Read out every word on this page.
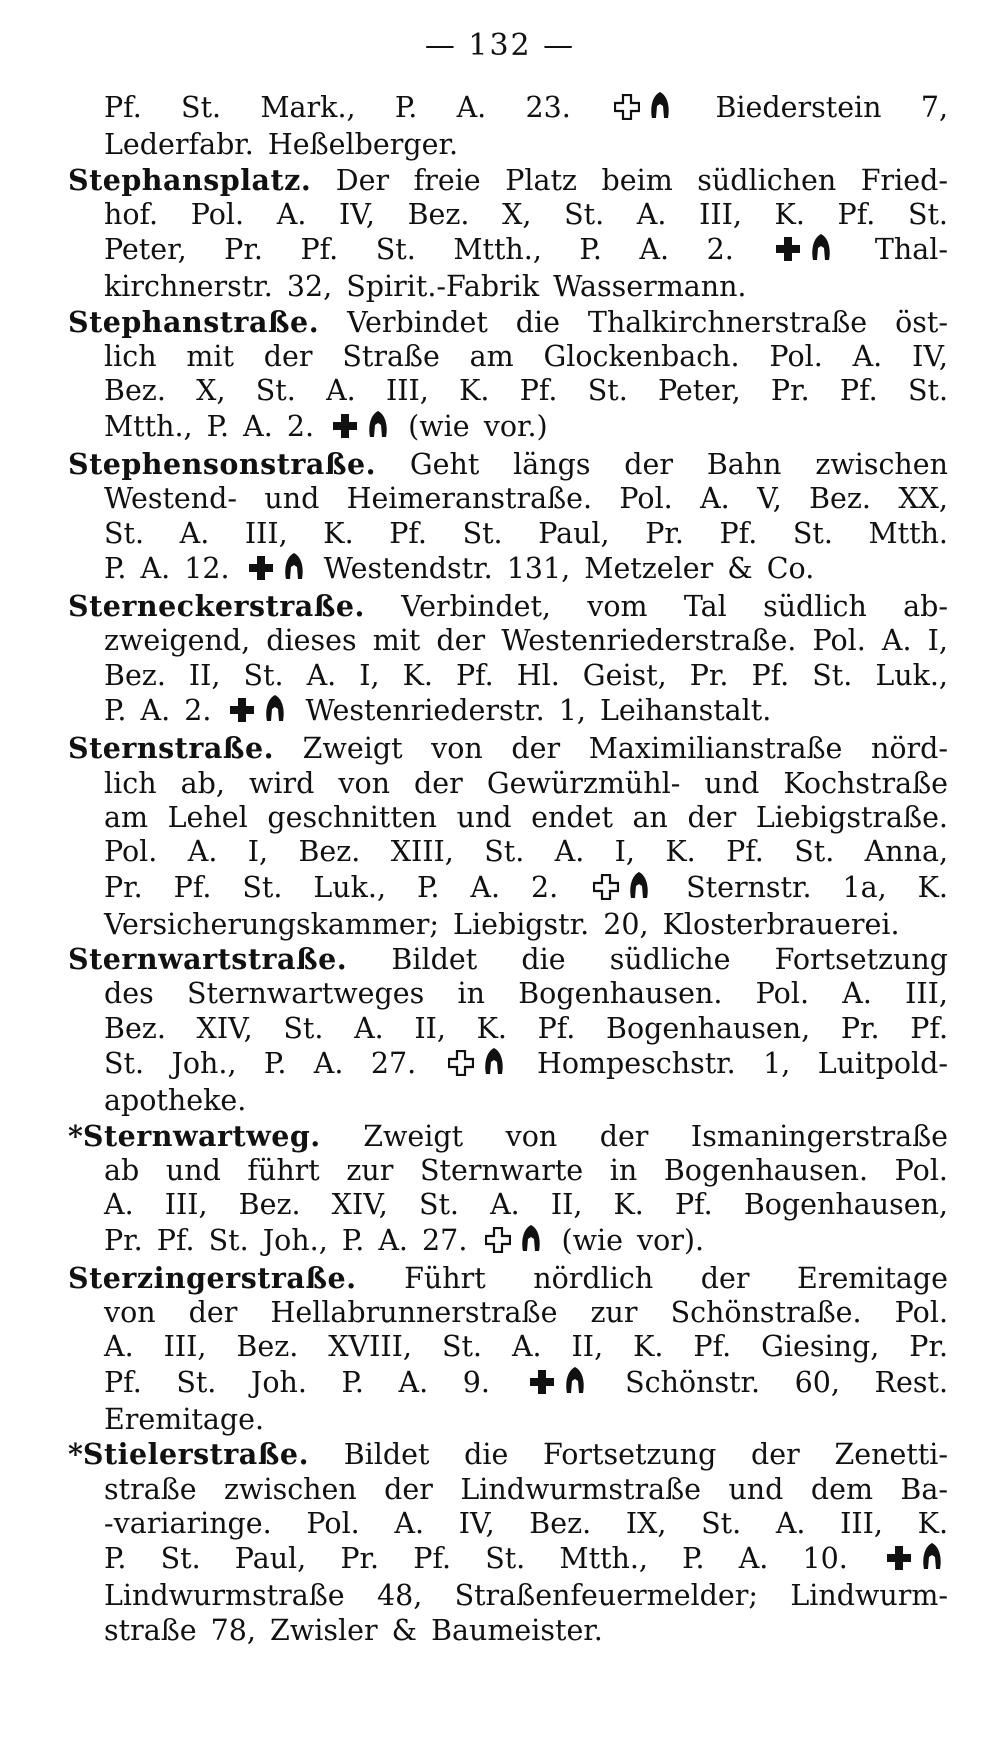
— 132 —
Pf. St. Mark., P. A. 23.	Biederstein 7,
Lederfabr. Heßelberger.
Stephansplatz. Der freie Platz beim südlichen Fried-
hof. Pol. A. IV, Bez. X, St. A. III, K. Pf. St.
Peter, Pr. Pf. St. Mtth., P. A. 2.	Thal-
kirchnerstr. 32, Spirit.-Fabrik Wassermann.
Stephanstraße. Verbindet die Thalkirchnerstraße öst-
lich mit der Straße am Glockenbach. Pol. A. IV,
Bez. X, St. A. III, K. Pf. St. Peter, Pr. Pf. St.
Mtth., P. A. 2.	(wie vor.)
Stephensonstraße. Geht längs der Bahn zwischen
Westend- und Heimeranstraße. Pol. A. V, Bez. XX,
St. A. III, K. Pf. St. Paul, Pr. Pf. St. Mtth.
P. A. 12.	Westendstr. 131, Metzeler & Co.
Sterneckerstraße. Verbindet, vom Tal südlich ab-
zweigend, dieses mit der Westenriederstraße. Pol. A. I,
Bez. II, St. A. I, K. Pf. Hl. Geist, Pr. Pf. St. Luk.,
P. A. 2.	Westenriederstr. 1, Leihanstalt.
Sternstraße. Zweigt von der Maximilianstraße nörd-
lich ab, wird von der Gewürzmühl- und Kochstraße
am Lehel geschnitten und endet an der Liebigstraße.
Pol. A. I, Bez. XIII, St. A. I, K. Pf. St. Anna,
Pr. Pf. St. Luk., P. A. 2.	Sternstr. 1a, K.
Versicherungskammer; Liebigstr. 20, Klosterbrauerei.
Sternwartstraße. Bildet die südliche Fortsetzung
des Sternwartweges in Bogenhausen. Pol. A. III,
Bez. XIV, St. A. II, K. Pf. Bogenhausen, Pr. Pf.
St. Joh., P. A. 27.	Hompeschstr. 1, Luitpold-
apotheke.
*Sternwartweg. Zweigt von der Ismaningerstraße
ab und führt zur Sternwarte in Bogenhausen. Pol.
A. III, Bez. XIV, St. A. II, K. Pf. Bogenhausen,
Pr. Pf. St. Joh., P. A. 27.	(wie vor).
Sterzingerstraße. Führt nördlich der Eremitage
von der Hellabrunnerstraße zur Schönstraße. Pol.
A. III, Bez. XVIII, St. A. II, K. Pf. Giesing, Pr.
Pf. St. Joh. P. A. 9.	Schönstr. 60, Rest.
Eremitage.
*Stielerstraße. Bildet die Fortsetzung der Zenetti-
straße zwischen der Lindwurmstraße und dem Ba-
-variaringe. Pol. A. IV, Bez. IX, St. A. III, K.
P. St. Paul, Pr. Pf. St. Mtth., P. A. 10.
Lindwurmstraße 48, Straßenfeuermelder; Lindwurm-
straße 78, Zwisler & Baumeister.
